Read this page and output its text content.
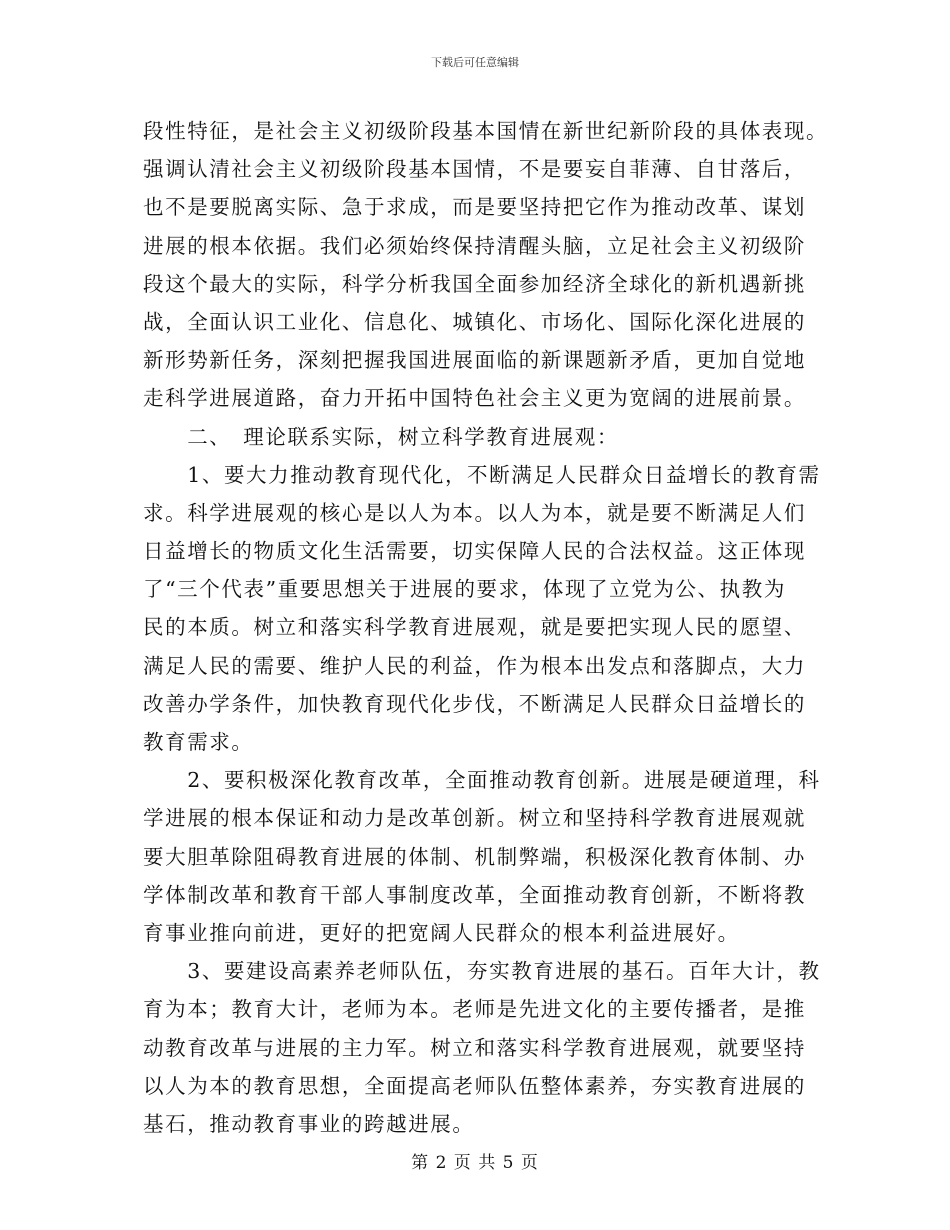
下载后可任意编辑
段性特征，是社会主义初级阶段基本国情在新世纪新阶段的具体表现。
强调认清社会主义初级阶段基本国情，不是要妄自菲薄、自甘落后，
也不是要脱离实际、急于求成，而是要坚持把它作为推动改革、谋划
进展的根本依据。我们必须始终保持清醒头脑，立足社会主义初级阶
段这个最大的实际，科学分析我国全面参加经济全球化的新机遇新挑
战，全面认识工业化、信息化、城镇化、市场化、国际化深化进展的
新形势新任务，深刻把握我国进展面临的新课题新矛盾，更加自觉地
走科学进展道路，奋力开拓中国特色社会主义更为宽阔的进展前景。
　　二、　理论联系实际，树立科学教育进展观：
　　1、要大力推动教育现代化，不断满足人民群众日益增长的教育需
求。科学进展观的核心是以人为本。以人为本，就是要不断满足人们
日益增长的物质文化生活需要，切实保障人民的合法权益。这正体现
了“三个代表”重要思想关于进展的要求，体现了立党为公、执教为
民的本质。树立和落实科学教育进展观，就是要把实现人民的愿望、
满足人民的需要、维护人民的利益，作为根本出发点和落脚点，大力
改善办学条件，加快教育现代化步伐，不断满足人民群众日益增长的
教育需求。
　　2、要积极深化教育改革，全面推动教育创新。进展是硬道理，科
学进展的根本保证和动力是改革创新。树立和坚持科学教育进展观就
要大胆革除阻碍教育进展的体制、机制弊端，积极深化教育体制、办
学体制改革和教育干部人事制度改革，全面推动教育创新，不断将教
育事业推向前进，更好的把宽阔人民群众的根本利益进展好。
　　3、要建设高素养老师队伍，夯实教育进展的基石。百年大计，教
育为本；教育大计，老师为本。老师是先进文化的主要传播者，是推
动教育改革与进展的主力军。树立和落实科学教育进展观，就要坚持
以人为本的教育思想，全面提高老师队伍整体素养，夯实教育进展的
基石，推动教育事业的跨越进展。
第 2 页 共 5 页
